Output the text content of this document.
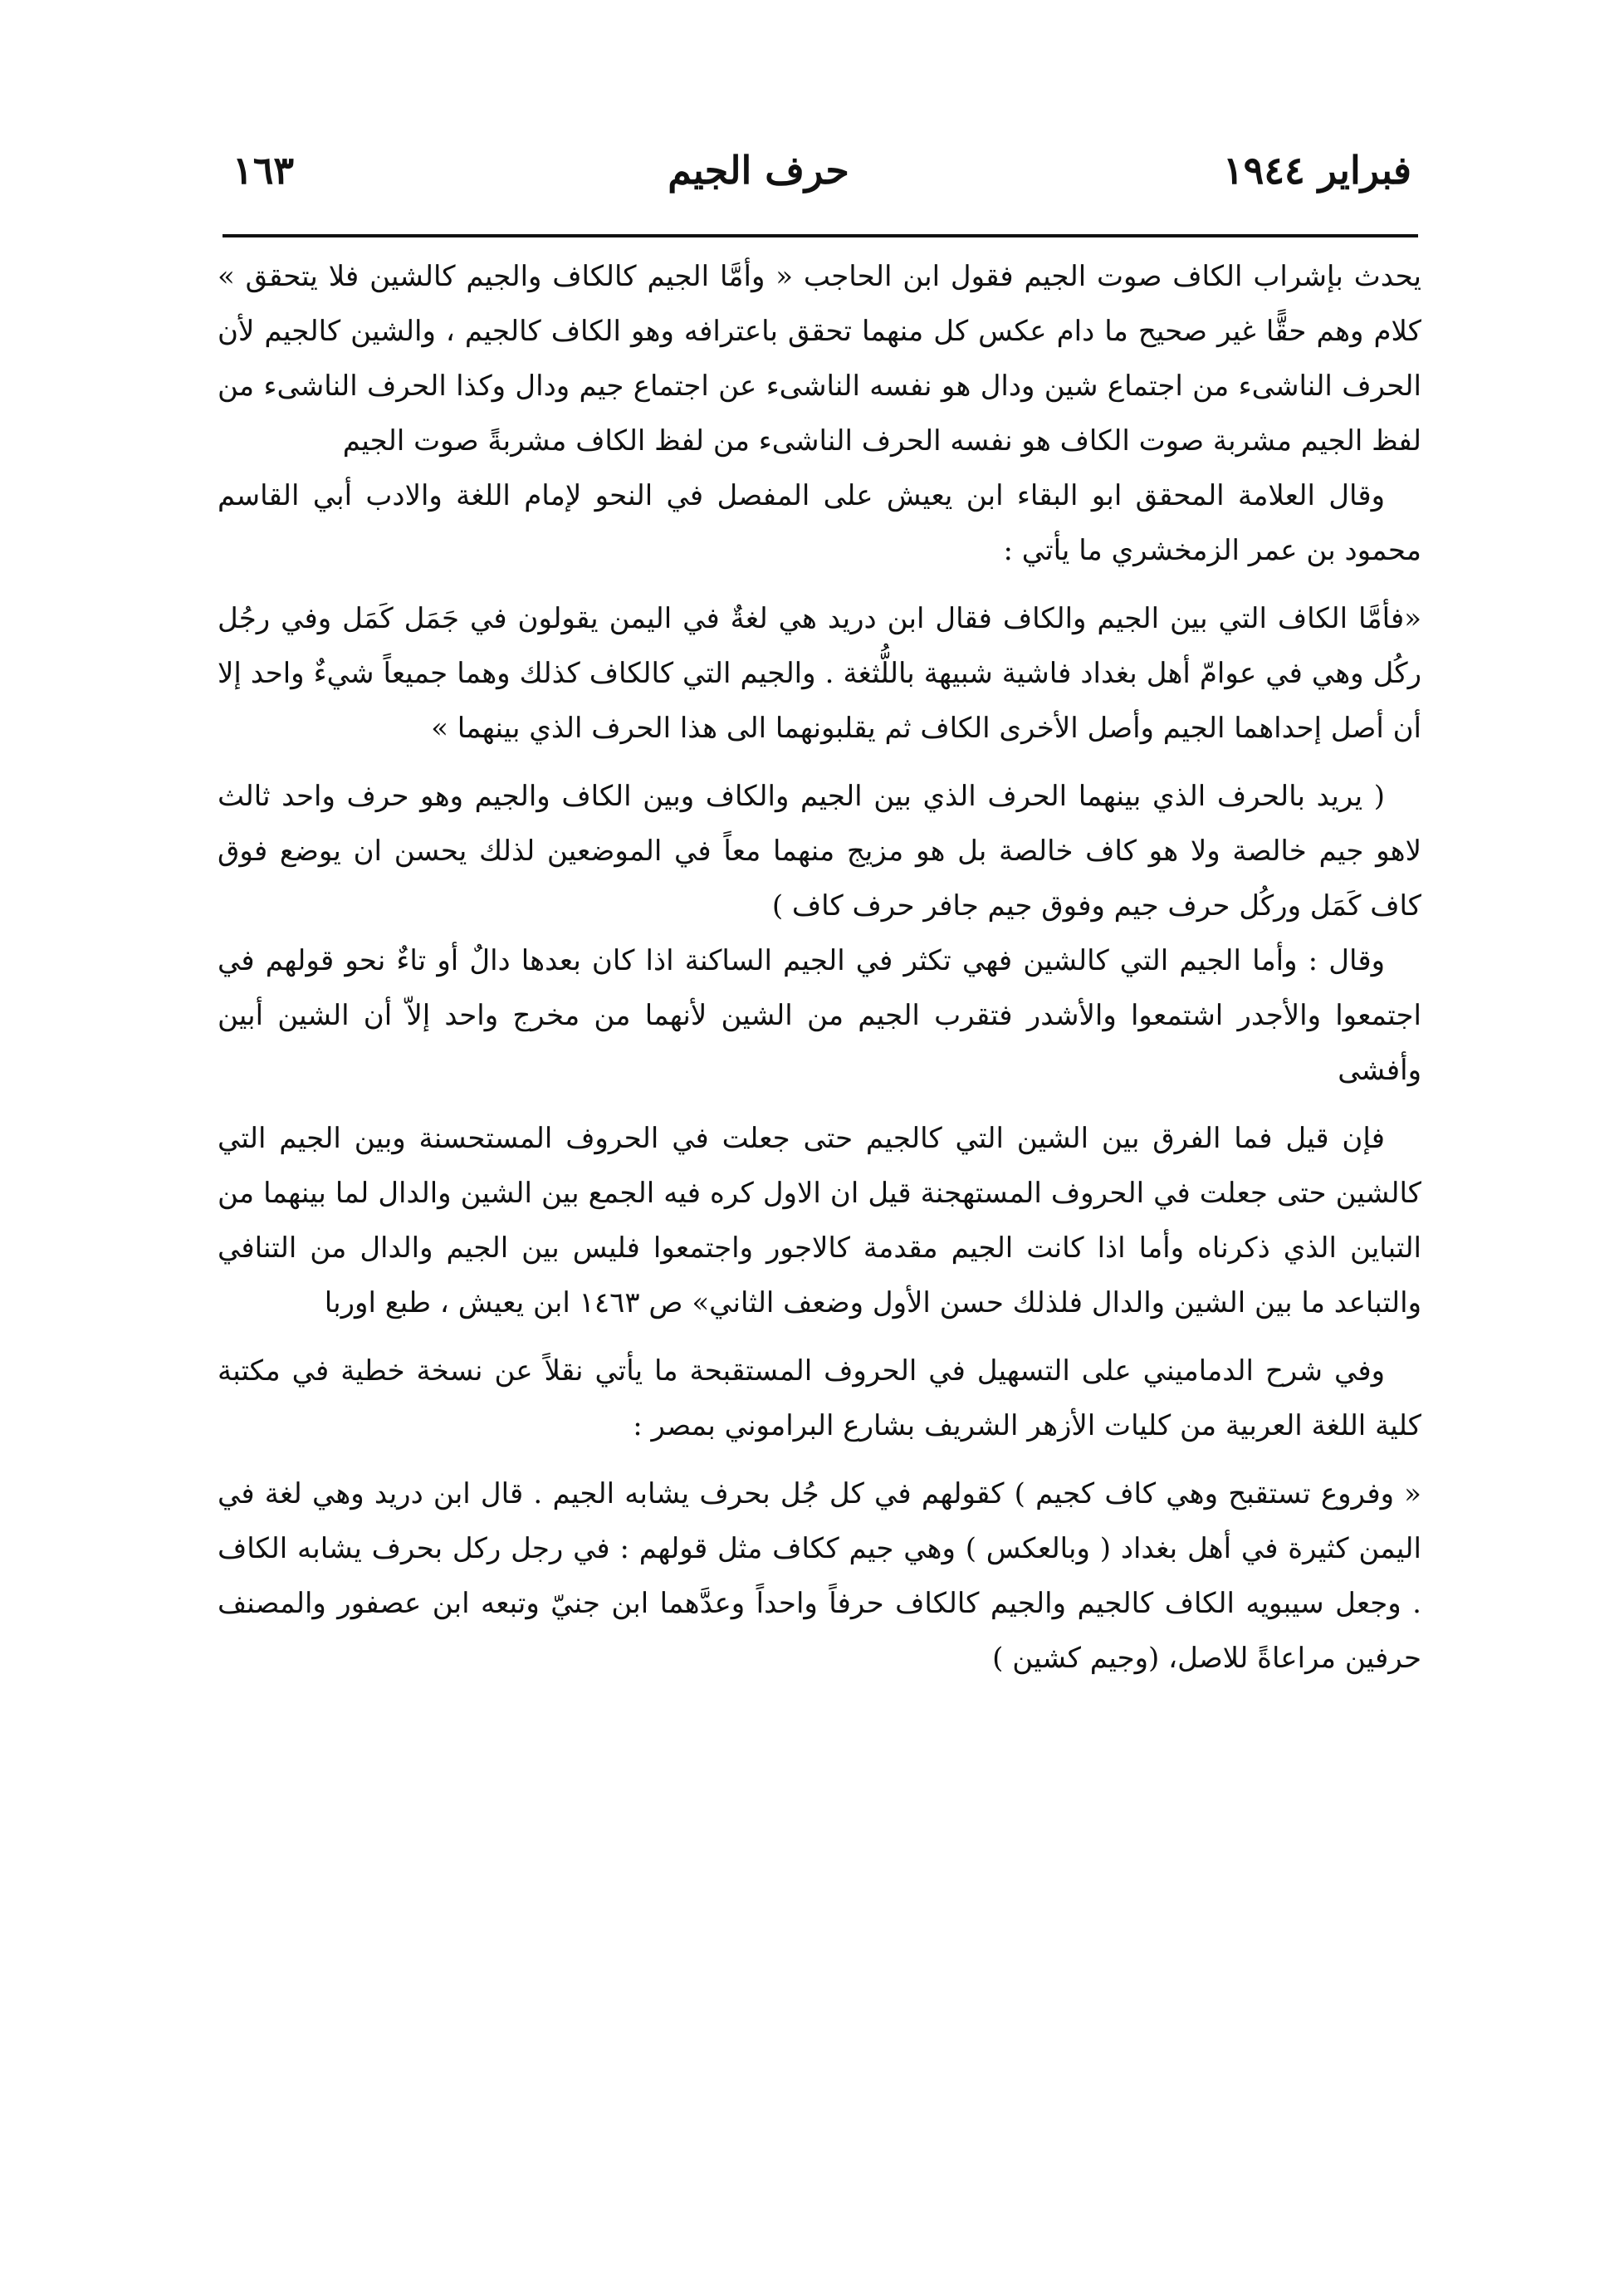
فبراير ١٩٤٤
حرف الجيم
١٦٣

يحدث بإشراب الكاف صوت الجيم فقول ابن الحاجب « وأمَّا الجيم كالكاف والجيم كالشين فلا يتحقق » كلام وهم حقًّا غير صحيح ما دام عكس كل منهما تحقق باعترافه وهو الكاف كالجيم ، والشين كالجيم لأن الحرف الناشىء من اجتماع شين ودال هو نفسه الناشىء عن اجتماع جيم ودال وكذا الحرف الناشىء من لفظ الجيم مشربة صوت الكاف هو نفسه الحرف الناشىء من لفظ الكاف مشربةً صوت الجيم

وقال العلامة المحقق ابو البقاء ابن يعيش على المفصل في النحو لإمام اللغة والادب أبي القاسم محمود بن عمر الزمخشري ما يأتي :

«فأمَّا الكاف التي بين الجيم والكاف فقال ابن دريد هي لغةٌ في اليمن يقولون في جَمَل كَمَل وفي رجُل ركُل وهي في عوامّ أهل بغداد فاشية شبيهة باللُّثغة . والجيم التي كالكاف كذلك وهما جميعاً شيءٌ واحد إلا أن أصل إحداهما الجيم وأصل الأخرى الكاف ثم يقلبونهما الى هذا الحرف الذي بينهما »

( يريد بالحرف الذي بينهما الحرف الذي بين الجيم والكاف وبين الكاف والجيم وهو حرف واحد ثالث لاهو جيم خالصة ولا هو كاف خالصة بل هو مزيج منهما معاً في الموضعين لذلك يحسن ان يوضع فوق كاف كَمَل وركُل حرف جيم وفوق جيم جافر حرف كاف )

وقال : وأما الجيم التي كالشين فهي تكثر في الجيم الساكنة اذا كان بعدها دالٌ أو تاءٌ نحو قولهم في اجتمعوا والأجدر اشتمعوا والأشدر فتقرب الجيم من الشين لأنهما من مخرج واحد إلاّ أن الشين أبين وأفشى

فإن قيل فما الفرق بين الشين التي كالجيم حتى جعلت في الحروف المستحسنة وبين الجيم التي كالشين حتى جعلت في الحروف المستهجنة قيل ان الاول كره فيه الجمع بين الشين والدال لما بينهما من التباين الذي ذكرناه وأما اذا كانت الجيم مقدمة كالاجور واجتمعوا فليس بين الجيم والدال من التنافي والتباعد ما بين الشين والدال فلذلك حسن الأول وضعف الثاني» ص ١٤٦٣ ابن يعيش ، طبع اوربا

وفي شرح الدماميني على التسهيل في الحروف المستقبحة ما يأتي نقلاً عن نسخة خطية في مكتبة كلية اللغة العربية من كليات الأزهر الشريف بشارع البراموني بمصر :

« وفروع تستقبح وهي كاف كجيم ) كقولهم في كل جُل بحرف يشابه الجيم . قال ابن دريد وهي لغة في اليمن كثيرة في أهل بغداد ( وبالعكس ) وهي جيم ككاف مثل قولهم : في رجل ركل بحرف يشابه الكاف . وجعل سيبويه الكاف كالجيم والجيم كالكاف حرفاً واحداً وعدَّهما ابن جنيّ وتبعه ابن عصفور والمصنف حرفين مراعاةً للاصل، (وجيم كشين )
